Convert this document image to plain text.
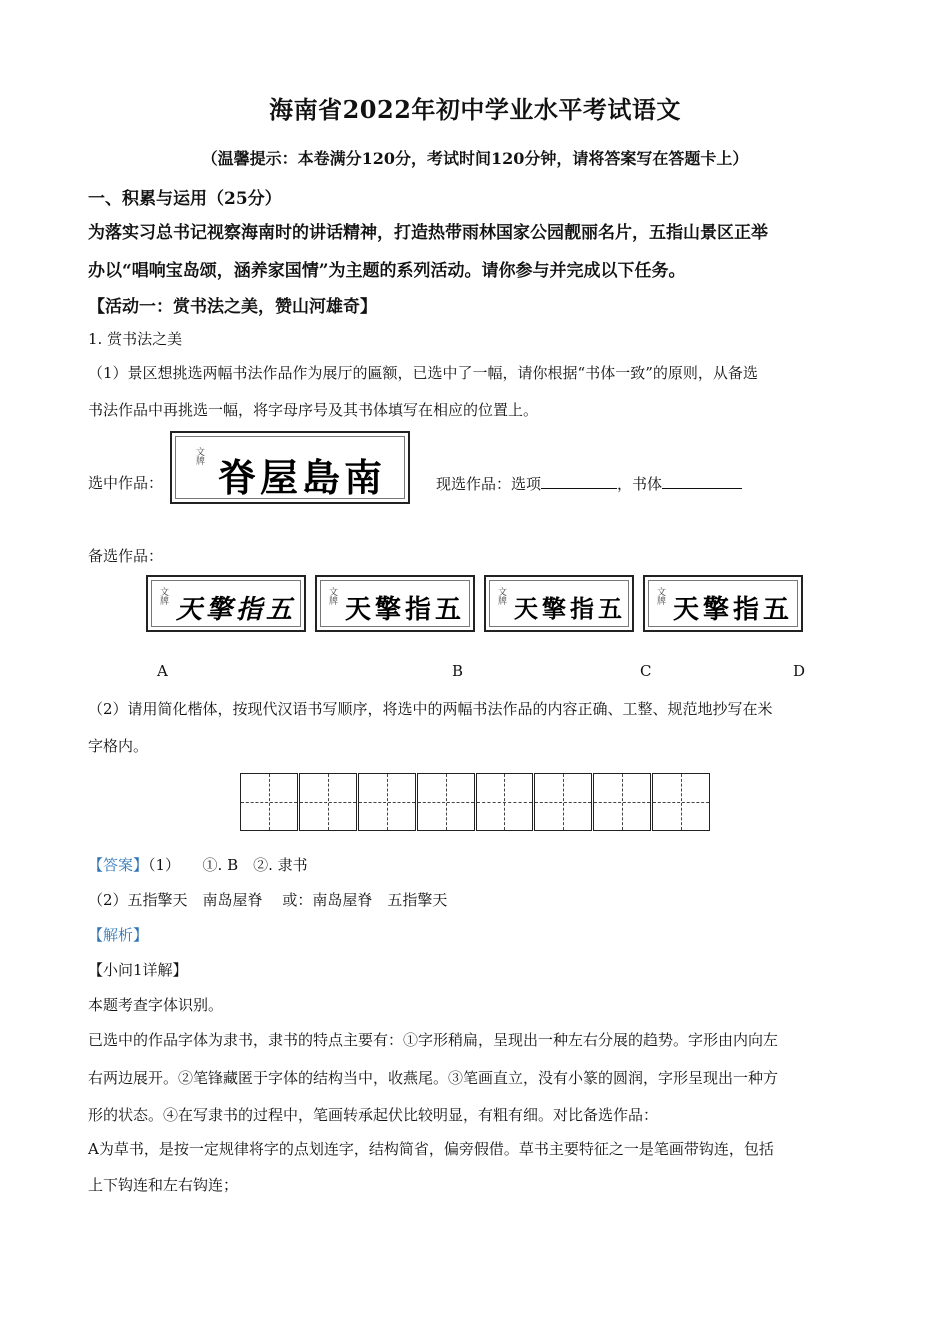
海南省2022年初中学业水平考试语文
（温馨提示：本卷满分120分，考试时间120分钟，请将答案写在答题卡上）
一、积累与运用（25分）
为落实习总书记视察海南时的讲话精神，打造热带雨林国家公园靓丽名片，五指山景区正举
办以“唱响宝岛颂，涵养家国情”为主题的系列活动。请你参与并完成以下任务。
【活动一：赏书法之美，赞山河雄奇】
1. 赏书法之美
（1）景区想挑选两幅书法作品作为展厅的匾额，已选中了一幅，请你根据“书体一致”的原则，从备选
书法作品中再挑选一幅，将字母序号及其书体填写在相应的位置上。
选中作品：
文牌 脊屋島南	现选作品：选项	，书体
备选作品：
文牌 天擎指五	文牌 天擎指五	文牌 天擎指五	文牌 天擎指五
A	B	C	D
（2）请用简化楷体，按现代汉语书写顺序，将选中的两幅书法作品的内容正确、工整、规范地抄写在米
字格内。
【答案】（1）　　①. B　②. 隶书
（2）五指擎天　南岛屋脊　 或：南岛屋脊　五指擎天
【解析】
【小问1详解】
本题考查字体识别。
已选中的作品字体为隶书，隶书的特点主要有：①字形稍扁，呈现出一种左右分展的趋势。字形由内向左
右两边展开。②笔锋藏匿于字体的结构当中，收燕尾。③笔画直立，没有小篆的圆润，字形呈现出一种方
形的状态。④在写隶书的过程中，笔画转承起伏比较明显，有粗有细。对比备选作品：
A为草书，是按一定规律将字的点划连字，结构简省，偏旁假借。草书主要特征之一是笔画带钩连，包括
上下钩连和左右钩连；
